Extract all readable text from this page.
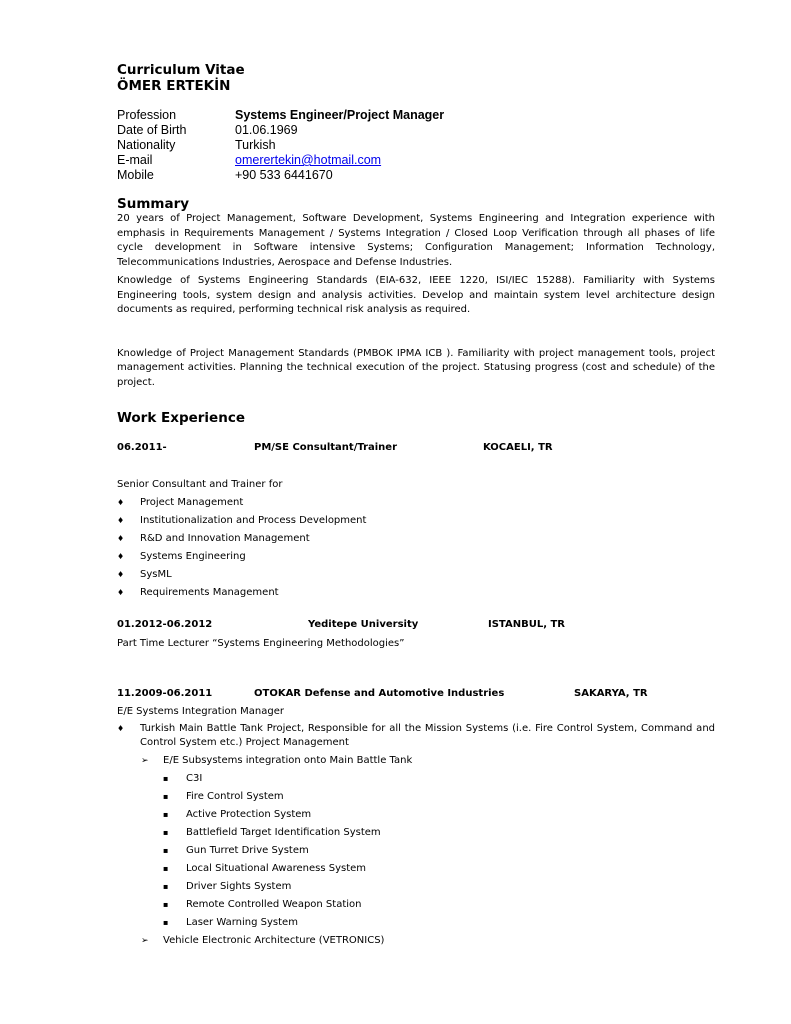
Curriculum Vitae
ÖMER ERTEKİN
Profession	Systems Engineer/Project Manager
Date of Birth	01.06.1969
Nationality	Turkish
E-mail	omerertekin@hotmail.com
Mobile	+90 533 6441670
Summary

20 years of Project Management, Software Development, Systems Engineering and Integration experience with emphasis in Requirements Management / Systems Integration / Closed Loop Verification through all phases of life cycle development in Software intensive Systems; Configuration Management; Information Technology, Telecommunications Industries, Aerospace and Defense Industries.

Knowledge of Systems Engineering Standards (EIA-632, IEEE 1220, ISI/IEC 15288). Familiarity with Systems Engineering tools, system design and analysis activities. Develop and maintain system level architecture design documents as required, performing technical risk analysis as required.

Knowledge of Project Management Standards (PMBOK IPMA ICB ). Familiarity with project management tools, project management activities. Planning the technical execution of the project. Statusing progress (cost and schedule) of the project.

Work Experience
06.2011-	PM/SE Consultant/Trainer	KOCAELI, TR
Senior Consultant and Trainer for
♦ Project Management
♦ Institutionalization and Process Development
♦ R&D and Innovation Management
♦ Systems Engineering
♦ SysML
♦ Requirements Management
01.2012-06.2012	Yeditepe University	ISTANBUL, TR
Part Time Lecturer “Systems Engineering Methodologies”
11.2009-06.2011	OTOKAR Defense and Automotive Industries	SAKARYA, TR
E/E Systems Integration Manager
♦ Turkish Main Battle Tank Project, Responsible for all the Mission Systems (i.e. Fire Control System, Command and Control System etc.) Project Management
➢ E/E Subsystems integration onto Main Battle Tank
▪ C3I
▪ Fire Control System
▪ Active Protection System
▪ Battlefield Target Identification System
▪ Gun Turret Drive System
▪ Local Situational Awareness System
▪ Driver Sights System
▪ Remote Controlled Weapon Station
▪ Laser Warning System
➢ Vehicle Electronic Architecture (VETRONICS)
